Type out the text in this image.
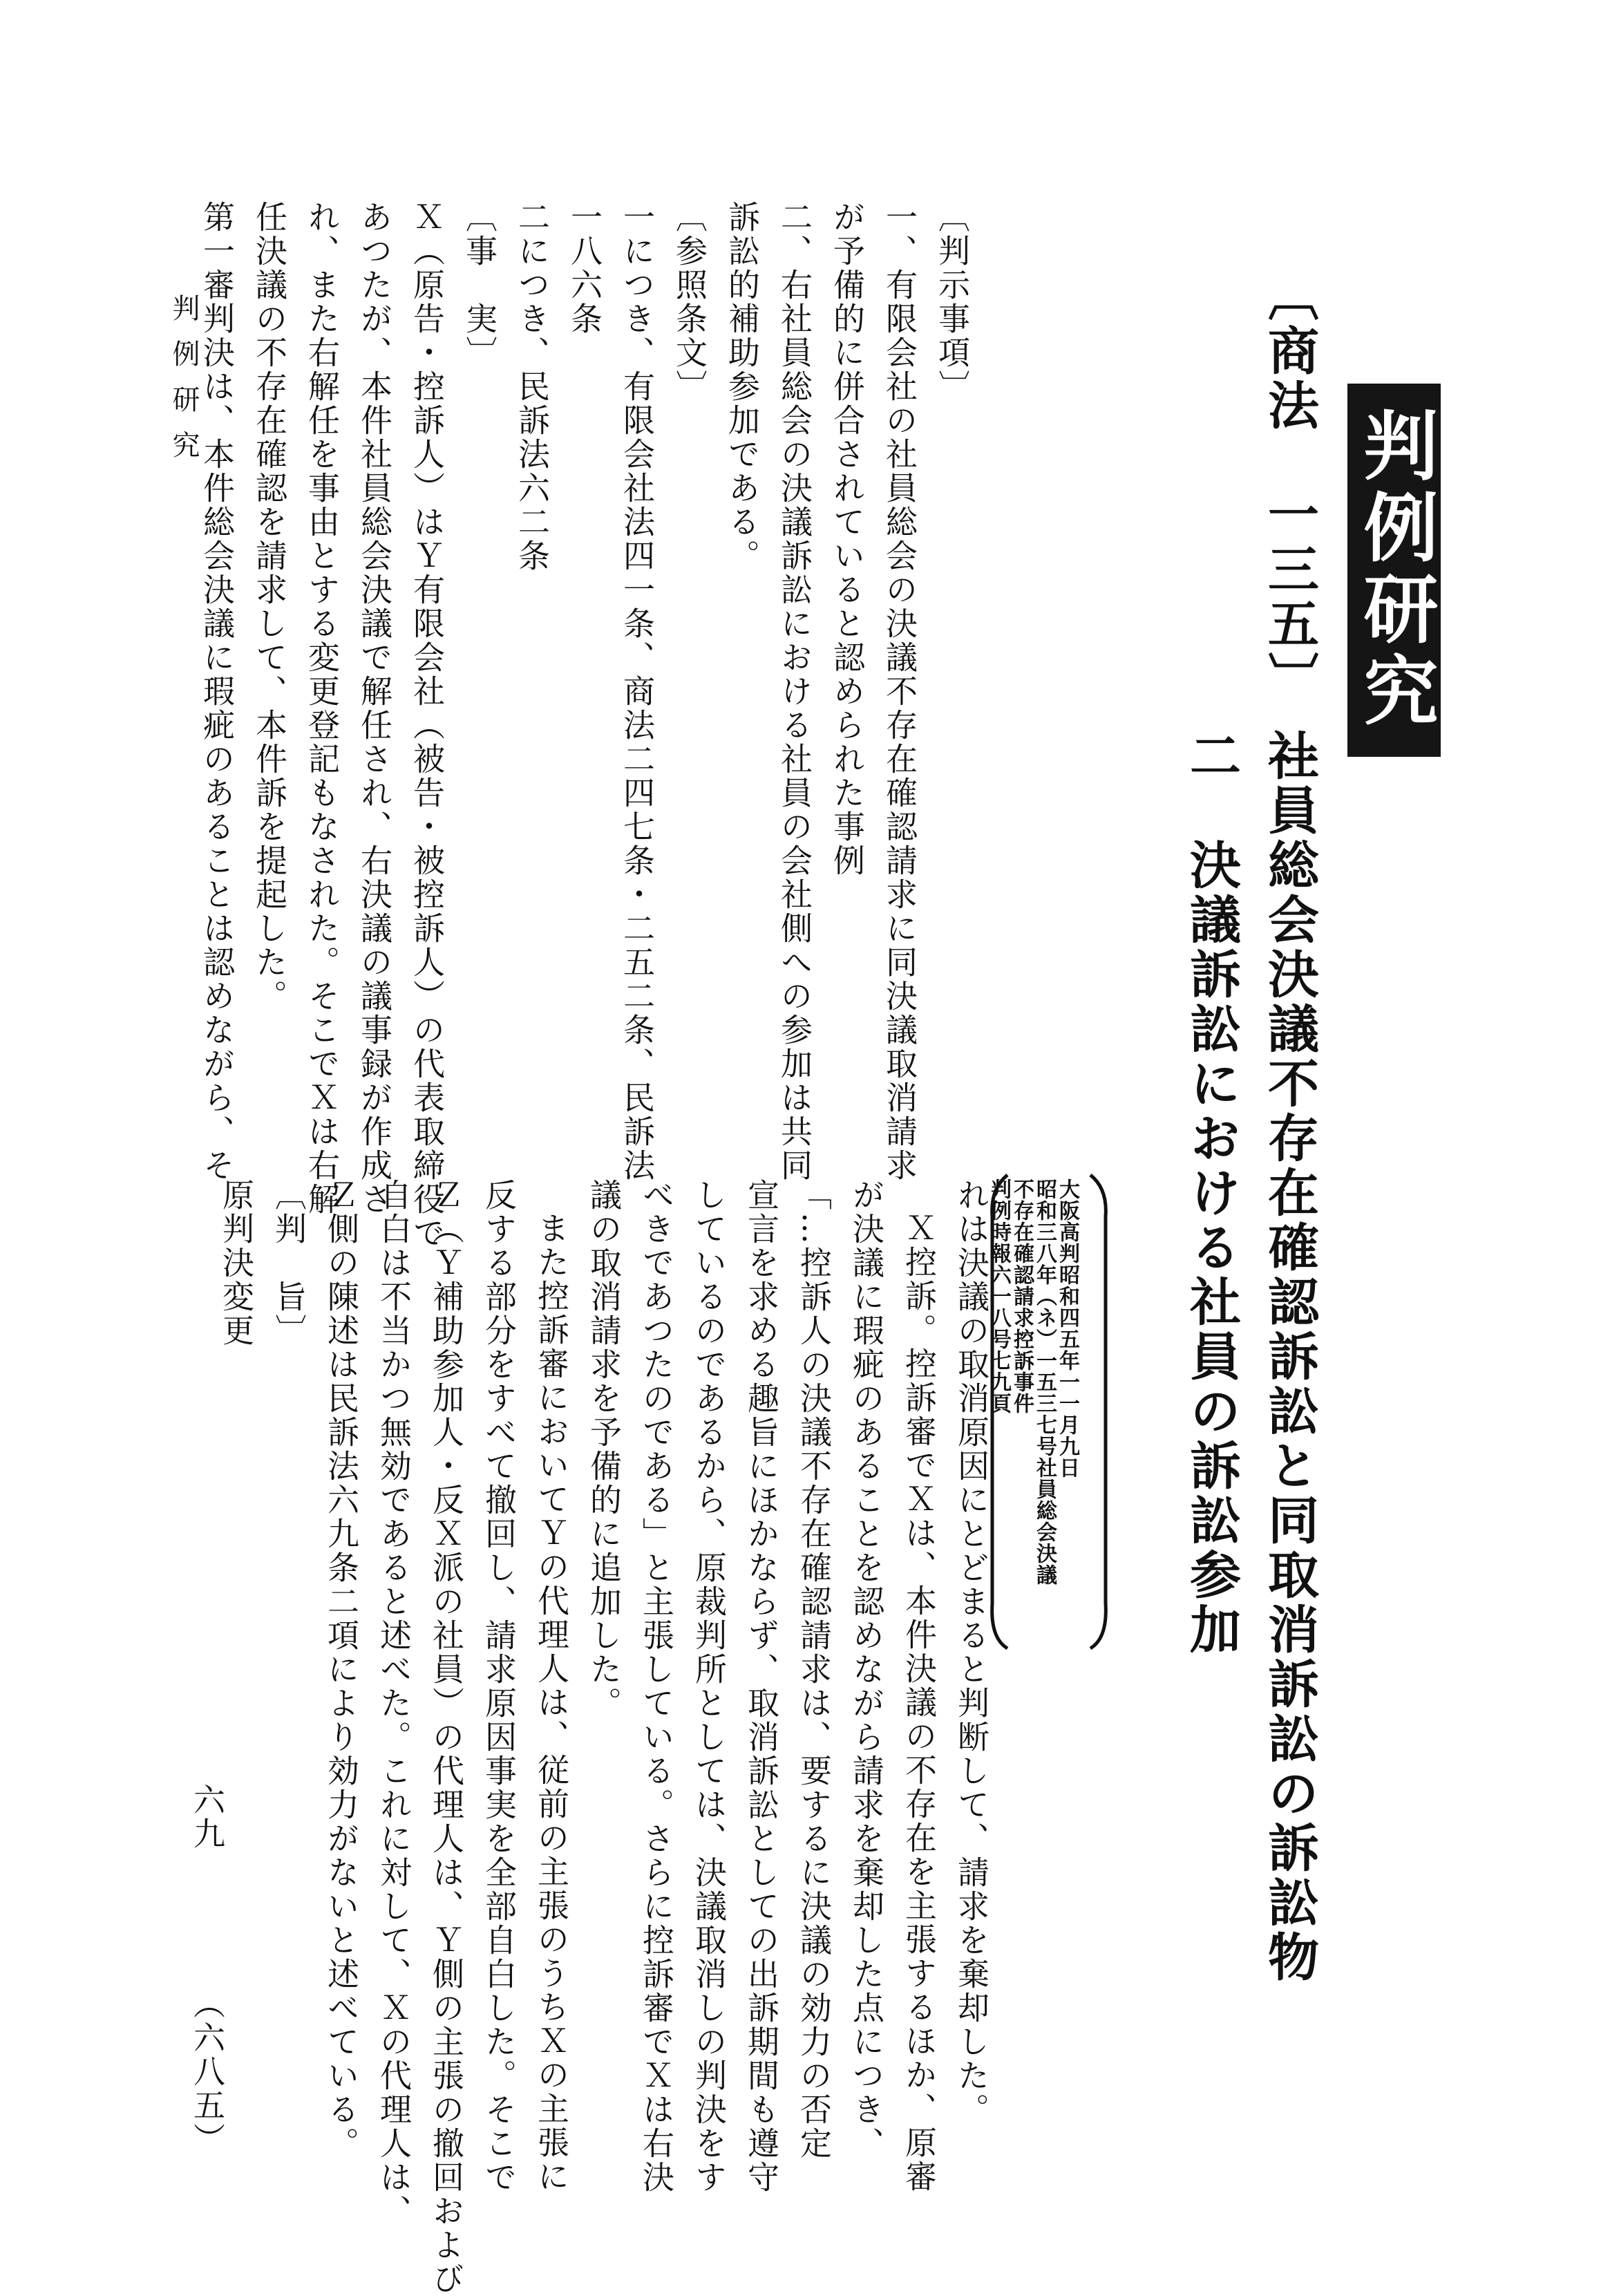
判例研究
〔商法　一三五〕　一
社員総会決議不存在確認訴訟と同取消訴訟の訴訟物
二　決議訴訟における社員の訴訟参加
〔判示事項〕
一、有限会社の社員総会の決議不存在確認請求に同決議取消請求
が予備的に併合されていると認められた事例
二、右社員総会の決議訴訟における社員の会社側への参加は共同
訴訟的補助参加である。
〔参照条文〕
一につき、有限会社法四一条、商法二四七条・二五二条、民訴法
一八六条
二につき、民訴法六二条
〔事　実〕
Ｘ（原告・控訴人）はＹ有限会社（被告・被控訴人）の代表取締役で
あつたが、本件社員総会決議で解任され、右決議の議事録が作成さ
れ、また右解任を事由とする変更登記もなされた。そこでＸは右解
任決議の不存在確認を請求して、本件訴を提起した。
第一審判決は、本件総会決議に瑕疵のあることは認めながら、そ
大阪高判昭和四五年一一月九日
昭和三八年（ネ）一五三七号社員総会決議
不存在確認請求控訴事件
判例時報六一八号七九頁
れは決議の取消原因にとどまると判断して、請求を棄却した。
Ｘ控訴。控訴審でＸは、本件決議の不存在を主張するほか、原審
が決議に瑕疵のあることを認めながら請求を棄却した点につき、
「…控訴人の決議不存在確認請求は、要するに決議の効力の否定
宣言を求める趣旨にほかならず、取消訴訟としての出訴期間も遵守
しているのであるから、原裁判所としては、決議取消しの判決をす
べきであつたのである」と主張している。さらに控訴審でＸは右決
議の取消請求を予備的に追加した。
また控訴審においてＹの代理人は、従前の主張のうちＸの主張に
反する部分をすべて撤回し、請求原因事実を全部自白した。そこで
Ｚ（Ｙ補助参加人・反Ｘ派の社員）の代理人は、Ｙ側の主張の撤回および
自白は不当かつ無効であると述べた。これに対して、Ｘの代理人は、
Ｚ側の陳述は民訴法六九条二項により効力がないと述べている。
〔判　旨〕
原判決変更
判例研究
六九
（六八五）
